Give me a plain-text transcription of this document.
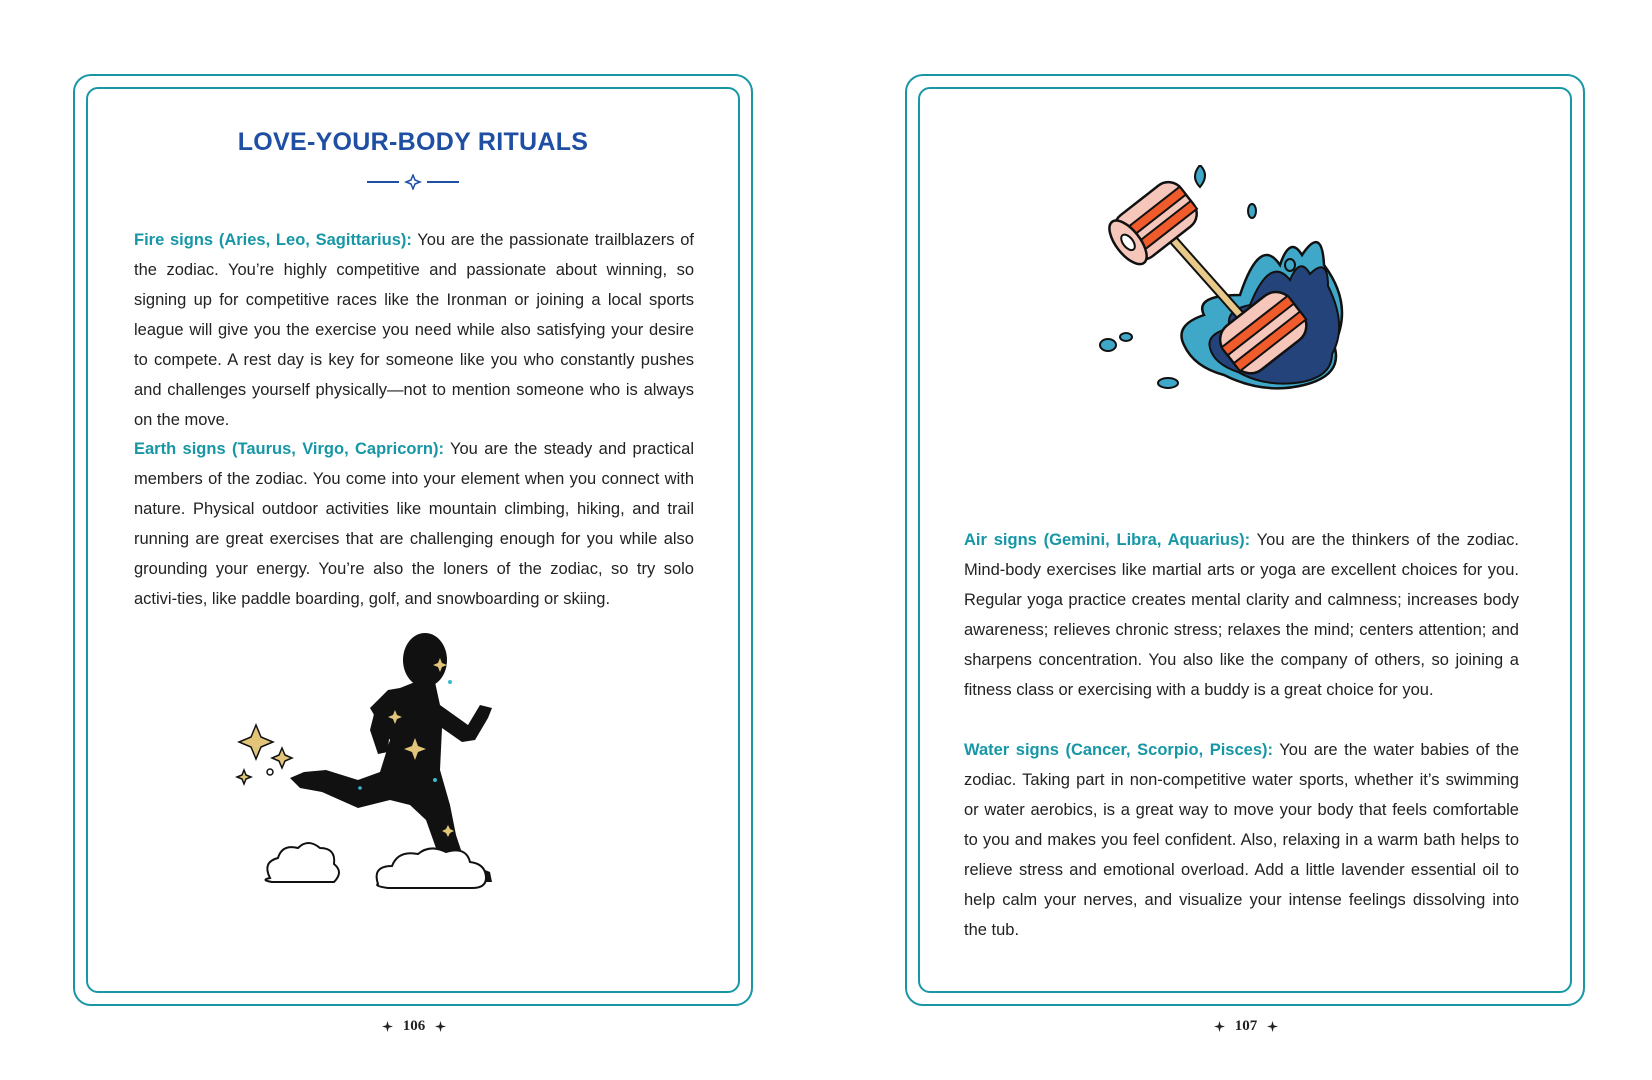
LOVE-YOUR-BODY RITUALS
Fire signs (Aries, Leo, Sagittarius): You are the passionate trailblazers of the zodiac. You’re highly competitive and passionate about winning, so signing up for competitive races like the Ironman or joining a local sports league will give you the exercise you need while also satisfying your desire to compete. A rest day is key for someone like you who constantly pushes and challenges yourself physically—not to mention someone who is always on the move.
Earth signs (Taurus, Virgo, Capricorn): You are the steady and practical members of the zodiac. You come into your element when you connect with nature. Physical outdoor activities like mountain climbing, hiking, and trail running are great exercises that are challenging enough for you while also grounding your energy. You’re also the loners of the zodiac, so try solo activi-ties, like paddle boarding, golf, and snowboarding or skiing.
Air signs (Gemini, Libra, Aquarius): You are the thinkers of the zodiac. Mind-body exercises like martial arts or yoga are excellent choices for you. Regular yoga practice creates mental clarity and calmness; increases body awareness; relieves chronic stress; relaxes the mind; centers attention; and sharpens concentration. You also like the company of others, so joining a fitness class or exercising with a buddy is a great choice for you.
Water signs (Cancer, Scorpio, Pisces): You are the water babies of the zodiac. Taking part in non-competitive water sports, whether it’s swimming or water aerobics, is a great way to move your body that feels comfortable to you and makes you feel confident. Also, relaxing in a warm bath helps to relieve stress and emotional overload. Add a little lavender essential oil to help calm your nerves, and visualize your intense feelings dissolving into the tub.
106	107
